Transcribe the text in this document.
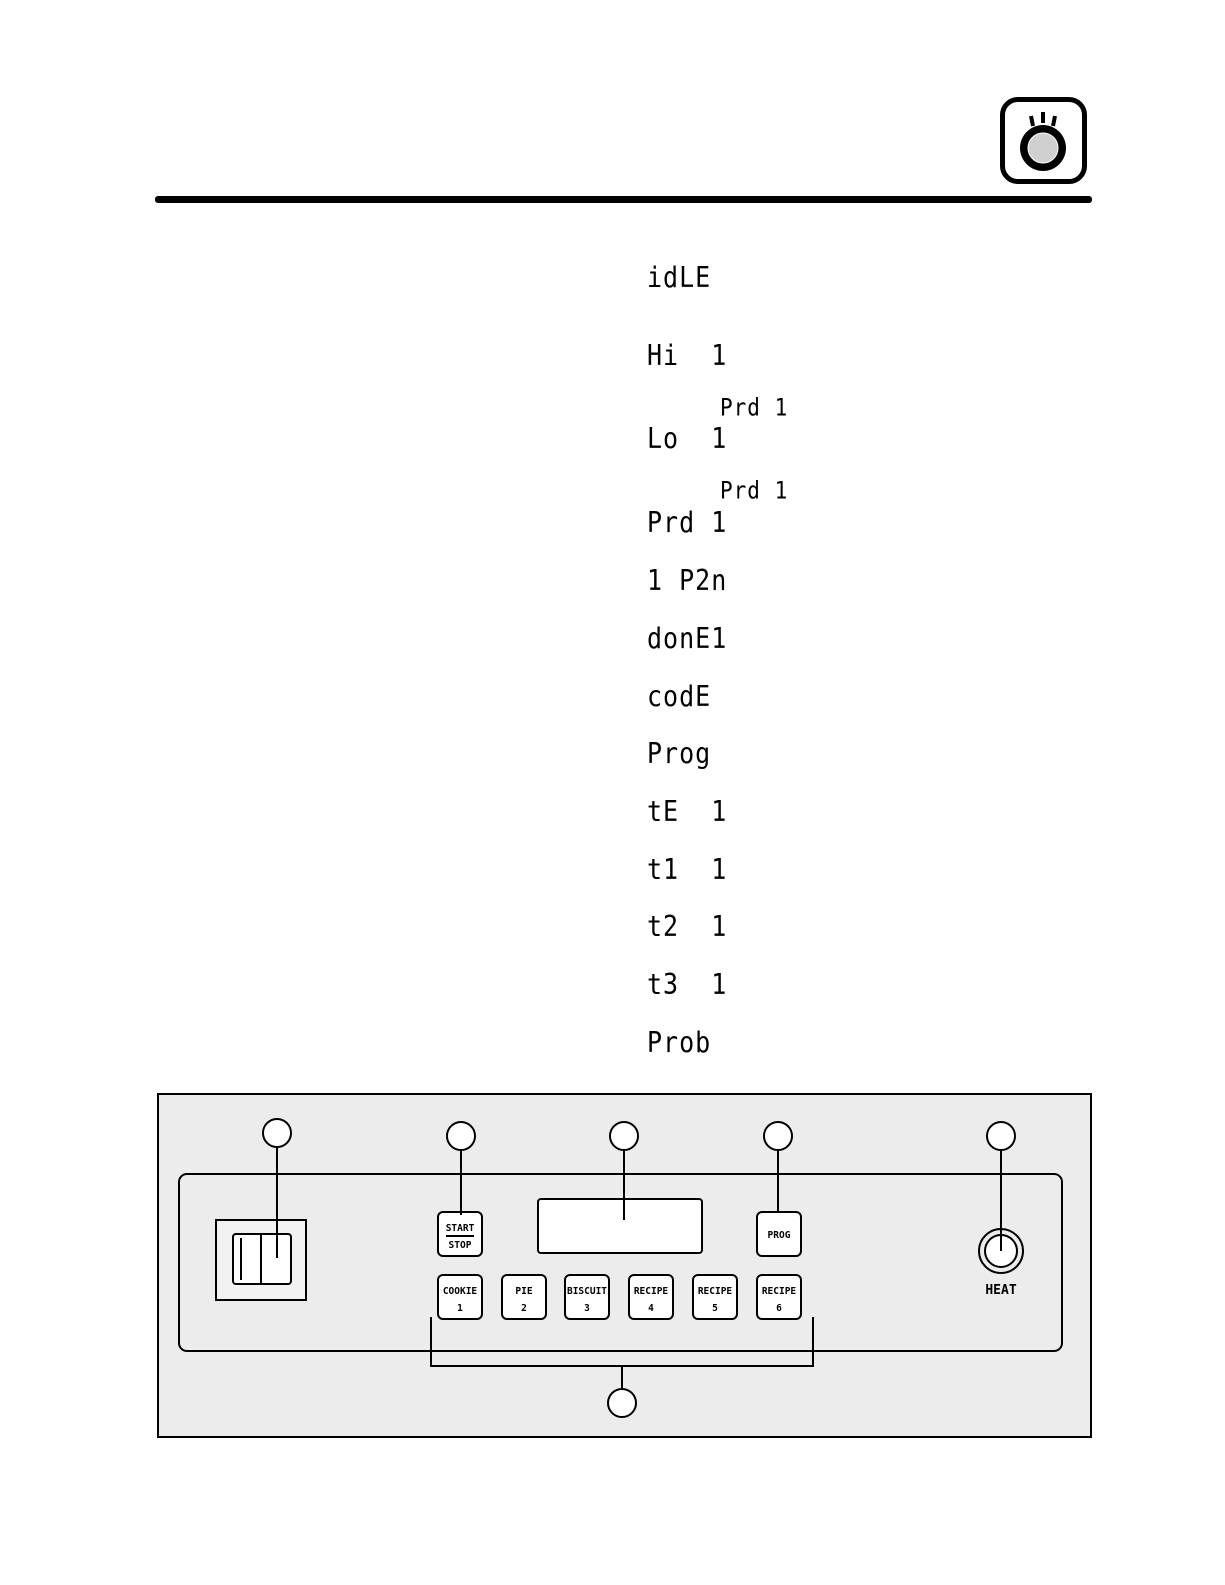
idLE
Hi  1
Prd 1
Lo  1
Prd 1
Prd 1
1 P2n
donE1
codE
Prog
tE  1
t1  1
t2  1
t3  1
Prob
START
STOP
PROG
COOKIE
1
PIE
2
BISCUIT
3
RECIPE
4
RECIPE
5
RECIPE
6
HEAT
